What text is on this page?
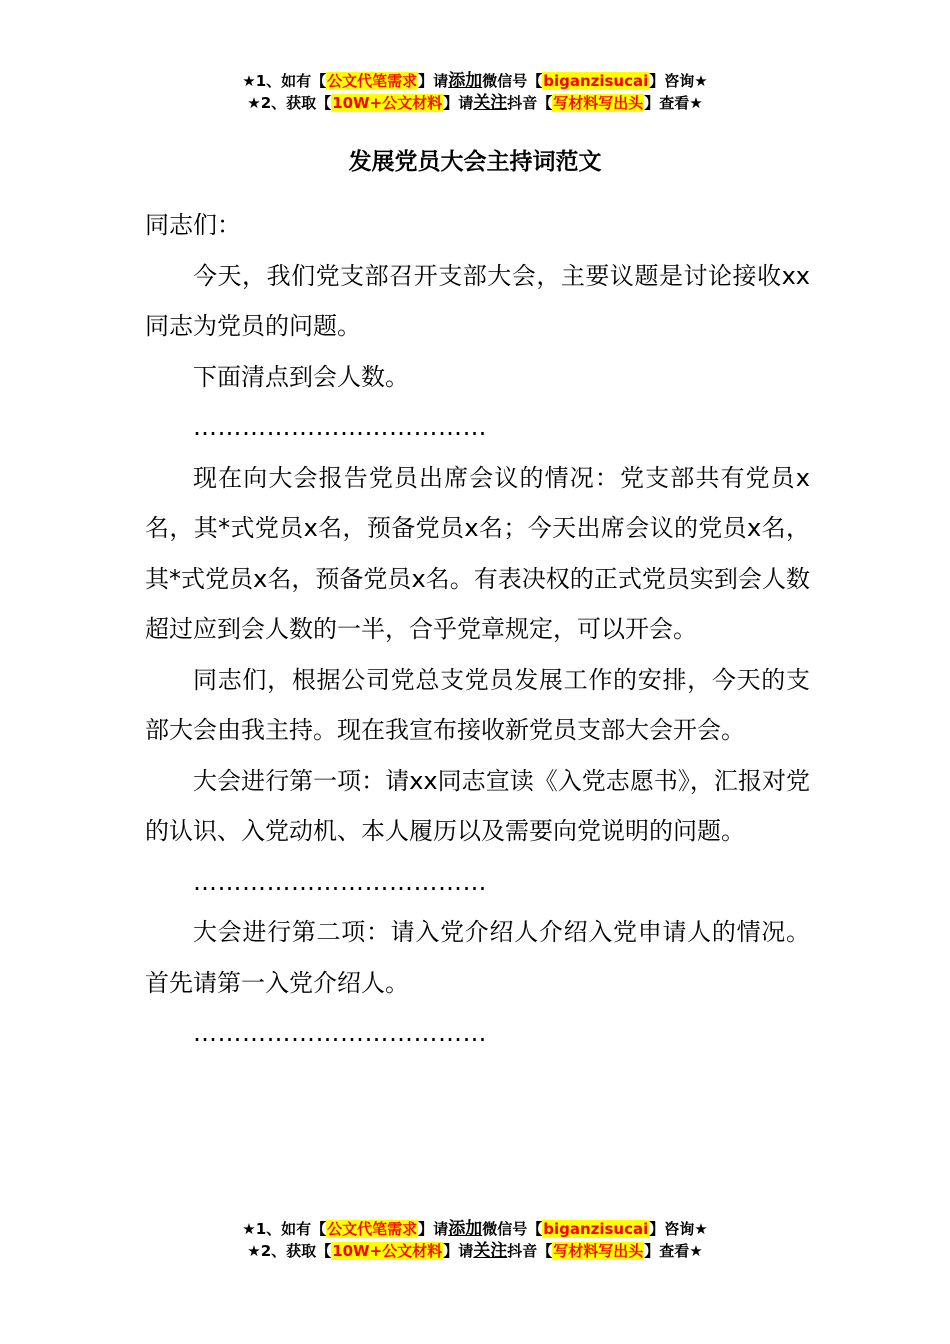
★1、如有【公文代笔需求】请添加微信号【biganzisucai】咨询★
★2、获取【10W+公文材料】请关注抖音【写材料写出头】查看★
发展党员大会主持词范文

同志们：

今天，我们党支部召开支部大会，主要议题是讨论接收xx同志为党员的问题。

下面清点到会人数。

………………………………

现在向大会报告党员出席会议的情况：党支部共有党员x名，其*式党员x名，预备党员x名；今天出席会议的党员x名，其*式党员x名，预备党员x名。有表决权的正式党员实到会人数超过应到会人数的一半，合乎党章规定，可以开会。

同志们，根据公司党总支党员发展工作的安排，今天的支部大会由我主持。现在我宣布接收新党员支部大会开会。

大会进行第一项：请xx同志宣读《入党志愿书》，汇报对党的认识、入党动机、本人履历以及需要向党说明的问题。

………………………………

大会进行第二项：请入党介绍人介绍入党申请人的情况。首先请第一入党介绍人。

………………………………

★1、如有【公文代笔需求】请添加微信号【biganzisucai】咨询★
★2、获取【10W+公文材料】请关注抖音【写材料写出头】查看★
